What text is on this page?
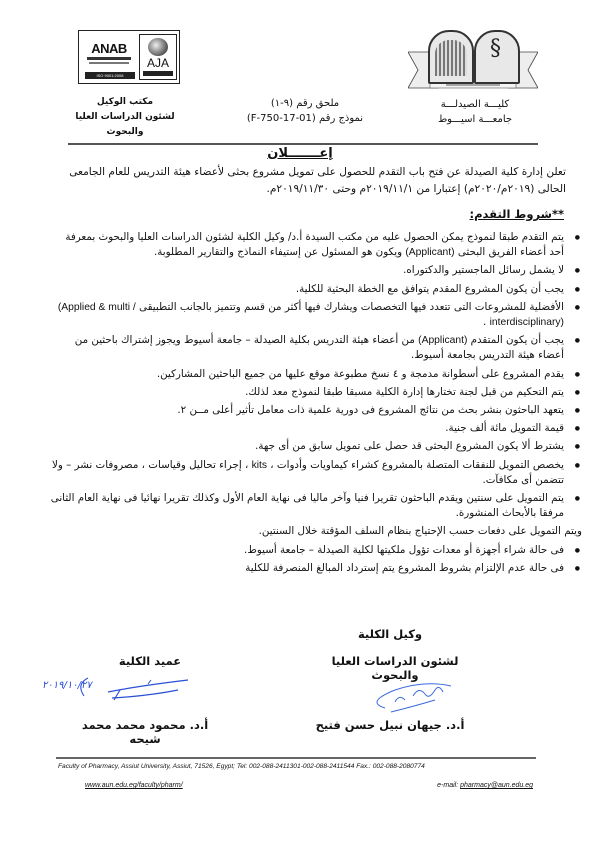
ANAB
ISO 9001:2008
AJA
§
مكتب الوكيل
لشئون الدراسات العليا والبحوث
ملحق رقم (٩-١)
نموذج رقم (F-750-17-01)
كليـــة الصيدلـــة
جامعـــة اسيـــوط
إعـــــــلان
تعلن إدارة كلية الصيدلة عن فتح باب التقدم للحصول على تمويل مشروع بحثى لأعضاء هيئة التدريس للعام الجامعى الحالى (٢٠١٩م/٢٠٢٠م) إعتبارا من ٢٠١٩/١١/١م وحتى ٢٠١٩/١١/٣٠م.
**شروط التقدم:
● يتم التقدم طبقا لنموذج يمكن الحصول عليه من مكتب السيدة أ.د/ وكيل الكلية لشئون الدراسات العليا والبحوث بمعرفة أحد أعضاء الفريق البحثى (Applicant) ويكون هو المسئول عن إستيفاء النماذج والتقارير المطلوبة.
● لا يشمل رسائل الماجستير والدكتوراه.
● يجب أن يكون المشروع المقدم يتوافق مع الخطة البحثية للكلية.
● الأفضلية للمشروعات التى تتعدد فيها التخصصات ويشارك فيها أكثر من قسم وتتميز بالجانب التطبيقى (Applied & multi / interdisciplinary) .
● يجب أن يكون المتقدم (Applicant) من أعضاء هيئة التدريس بكلية الصيدلة – جامعة أسيوط ويجوز إشتراك باحثين من أعضاء هيئة التدريس بجامعة أسيوط.
● يقدم المشروع على أسطوانة مدمجة و ٤ نسخ مطبوعة موقع عليها من جميع الباحثين المشاركين.
● يتم التحكيم من قبل لجنة تختارها إدارة الكلية مسبقا طبقا لنموذج معد لذلك.
● يتعهد الباحثون بنشر بحث من نتائج المشروع فى دورية علمية ذات معامل تأثير أعلى مــن ٢.
● قيمة التمويل مائة ألف جنية.
● يشترط ألا يكون المشروع البحثى قد حصل على تمويل سابق من أى جهة.
● يخصص التمويل للنفقات المتصلة بالمشروع كشراء كيماويات وأدوات ، kits ، إجراء تحاليل وقياسات ، مصروفات نشر – ولا تتضمن أى مكافآت.
● يتم التمويل على سنتين ويقدم الباحثون تقريرا فنيا وآخر ماليا فى نهاية العام الأول وكذلك تقريرا نهائيا فى نهاية العام الثانى مرفقا بالأبحاث المنشورة.
ويتم التمويل على دفعات حسب الإحتياج بنظام السلف المؤقتة خلال السنتين.
● فى حالة شراء أجهزة أو معدات تؤول ملكيتها لكلية الصيدلة – جامعة أسيوط.
● فى حالة عدم الإلتزام بشروط المشروع يتم إسترداد المبالغ المنصرفة للكلية
وكيل الكلية
لشئون الدراسات العليا والبحوث
عميد الكلية
٢٠١٩/١٠/٢٧
أ.د. محمود محمد محمد شيحه
أ.د. جيهان نبيل حسن فتيح
Faculty of Pharmacy, Assiut University, Assiut, 71526, Egypt; Tel: 002-088-2411301-002-088-2411544 Fax.: 002-088-2080774
www.aun.edu.eg/faculty/pharm/	e-mail: pharmacy@aun.edu.eg
